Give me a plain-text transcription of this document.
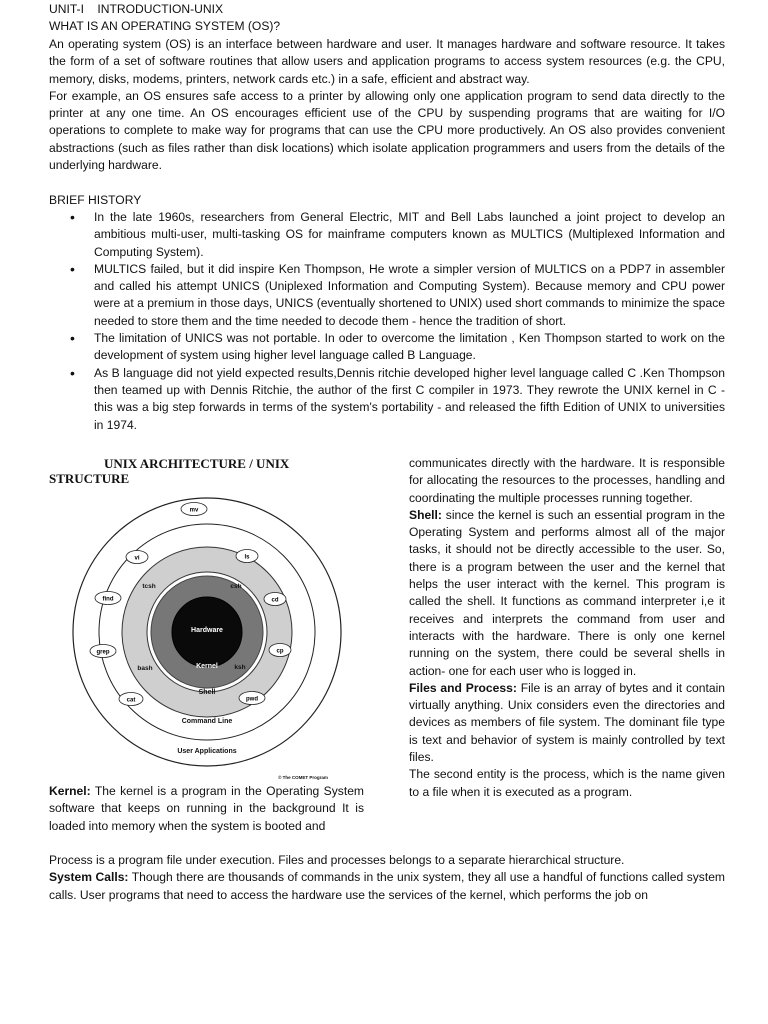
UNIT-I    INTRODUCTION-UNIX

WHAT IS AN OPERATING SYSTEM (OS)?

An operating system (OS) is an interface between hardware and user. It manages hardware and software resource. It takes the form of a set of software routines that allow users and application programs to access system resources (e.g. the CPU, memory, disks, modems, printers, network cards etc.) in a safe, efficient and abstract way.

For example, an OS ensures safe access to a printer by allowing only one application program to send data directly to the printer at any one time. An OS encourages efficient use of the CPU by suspending programs that are waiting for I/O operations to complete to make way for programs that can use the CPU more productively. An OS also provides convenient abstractions (such as files rather than disk locations) which isolate application programmers and users from the details of the underlying hardware.

BRIEF HISTORY
• In the late 1960s, researchers from General Electric, MIT and Bell Labs launched a joint project to develop an ambitious multi-user, multi-tasking OS for mainframe computers known as MULTICS (Multiplexed Information and Computing System).
• MULTICS failed, but it did inspire Ken Thompson, He wrote a simpler version of MULTICS on a PDP7 in assembler and called his attempt UNICS (Uniplexed Information and Computing System). Because memory and CPU power were at a premium in those days, UNICS (eventually shortened to UNIX) used short commands to minimize the space needed to store them and the time needed to decode them - hence the tradition of short.
• The limitation of UNICS was not portable. In oder to overcome the limitation , Ken Thompson started to work on the development of system using higher level language called B Language.
• As B language did not yield expected results,Dennis ritchie developed higher level language called C .Ken Thompson then teamed up with Dennis Ritchie, the author of the first C compiler in 1973. They rewrote the UNIX kernel in C - this was a big step forwards in terms of the system's portability - and released the fifth Edition of UNIX to universities in 1974.
UNIX ARCHITECTURE / UNIX
STRUCTURE
Hardware
Kernel
Shell
Command Line
User Applications
tcsh	csh
bash	ksh
mv
ls
cd
cp
pwd
cat
grep
find
vi
© The COMET Program
Kernel: The kernel is a program in the Operating System software that keeps on running in the background It is loaded into memory when the system is booted and

communicates directly with the hardware. It is responsible for allocating the resources to the processes, handling and coordinating the multiple processes running together.

Shell: since the kernel is such an essential program in the Operating System and performs almost all of the major tasks, it should not be directly accessible to the user. So, there is a program between the user and the kernel that helps the user interact with the kernel. This program is called the shell. It functions as command interpreter i,e it receives and interprets the command from user and interacts with the hardware. There is only one kernel running on the system, there could be several shells in action- one for each user who is logged in.

Files and Process: File is an array of bytes and it contain virtually anything. Unix considers even the directories and devices as members of file system. The dominant file type is text and behavior of system is mainly controlled by text files.

The second entity is the process, which is the name given to a file when it is executed as a program.

Process is a program file under execution. Files and processes belongs to a separate hierarchical structure.

System Calls: Though there are thousands of commands in the unix system, they all use a handful of functions called system calls. User programs that need to access the hardware use the services of the kernel, which performs the job on
